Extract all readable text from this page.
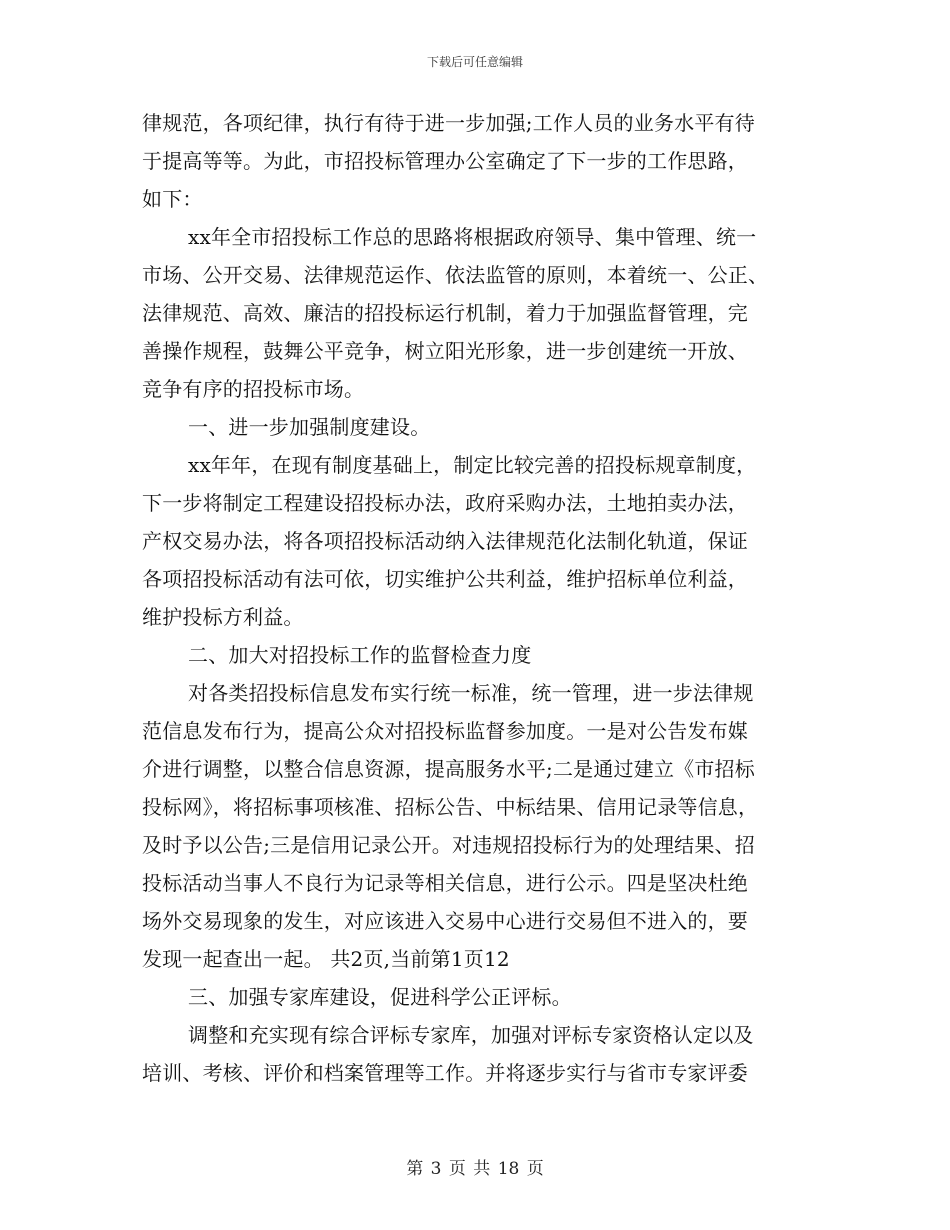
下载后可任意编辑
律规范，各项纪律，执行有待于进一步加强;工作人员的业务水平有待
于提高等等。为此，市招投标管理办公室确定了下一步的工作思路，
如下：
xx年全市招投标工作总的思路将根据政府领导、集中管理、统一
市场、公开交易、法律规范运作、依法监管的原则，本着统一、公正、
法律规范、高效、廉洁的招投标运行机制，着力于加强监督管理，完
善操作规程，鼓舞公平竞争，树立阳光形象，进一步创建统一开放、
竞争有序的招投标市场。
一、进一步加强制度建设。
xx年年，在现有制度基础上，制定比较完善的招投标规章制度，
下一步将制定工程建设招投标办法，政府采购办法，土地拍卖办法，
产权交易办法，将各项招投标活动纳入法律规范化法制化轨道，保证
各项招投标活动有法可依，切实维护公共利益，维护招标单位利益，
维护投标方利益。
二、加大对招投标工作的监督检查力度
对各类招投标信息发布实行统一标准，统一管理，进一步法律规
范信息发布行为，提高公众对招投标监督参加度。一是对公告发布媒
介进行调整，以整合信息资源，提高服务水平;二是通过建立《市招标
投标网》，将招标事项核准、招标公告、中标结果、信用记录等信息，
及时予以公告;三是信用记录公开。对违规招投标行为的处理结果、招
投标活动当事人不良行为记录等相关信息，进行公示。四是坚决杜绝
场外交易现象的发生，对应该进入交易中心进行交易但不进入的，要
发现一起查出一起。 共2页,当前第1页12
三、加强专家库建设，促进科学公正评标。
调整和充实现有综合评标专家库，加强对评标专家资格认定以及
培训、考核、评价和档案管理等工作。并将逐步实行与省市专家评委
第 3 页 共 18 页
